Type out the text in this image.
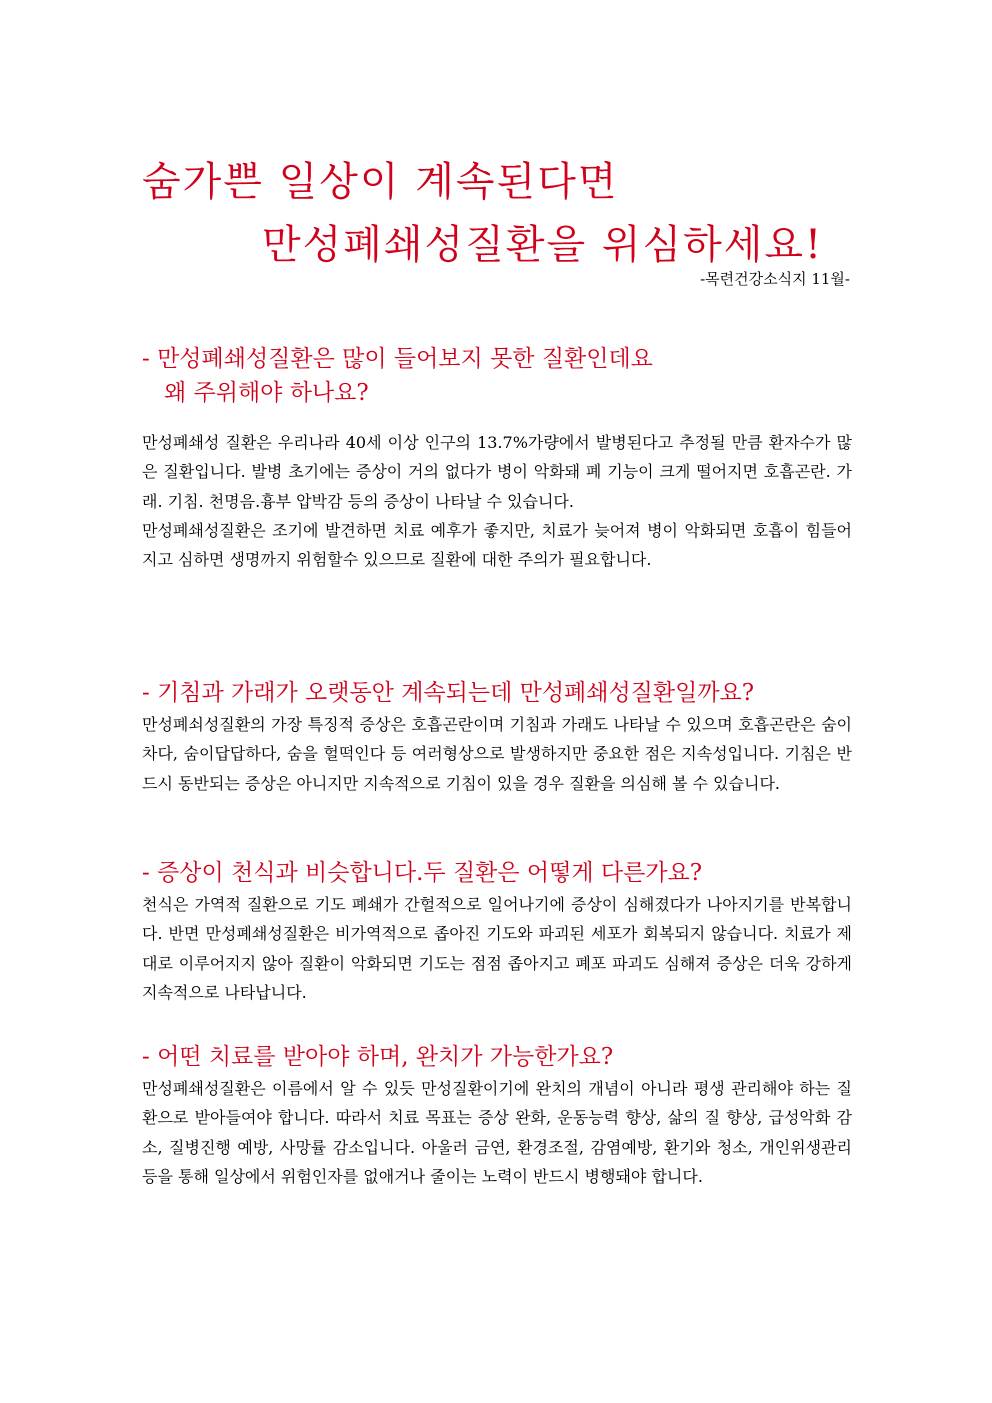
숨가쁜 일상이 계속된다면
만성폐쇄성질환을 위심하세요!
-목련건강소식지 11월-

- 만성폐쇄성질환은 많이 들어보지 못한 질환인데요

왜 주위해야 하나요?

만성폐쇄성 질환은 우리나라 40세 이상 인구의 13.7%가량에서 발병된다고 추정될 만큼 환자수가 많은 질환입니다. 발병 초기에는 증상이 거의 없다가 병이 악화돼 폐 기능이 크게 떨어지면 호흡곤란. 가래. 기침. 천명음.흉부 압박감 등의 증상이 나타날 수 있습니다.

만성폐쇄성질환은 조기에 발견하면 치료 예후가 좋지만, 치료가 늦어져 병이 악화되면 호흡이 힘들어지고 심하면 생명까지 위험할수 있으므로 질환에 대한 주의가 필요합니다.

- 기침과 가래가 오랫동안 계속되는데 만성폐쇄성질환일까요?

만성폐쇠성질환의 가장 특징적 증상은 호흡곤란이며 기침과 가래도 나타날 수 있으며 호흡곤란은 숨이차다, 숨이답답하다, 숨을 헐떡인다 등 여러형상으로 발생하지만 중요한 점은 지속성입니다. 기침은 반드시 동반되는 증상은 아니지만 지속적으로 기침이 있을 경우 질환을 의심해 볼 수 있습니다.

- 증상이 천식과 비슷합니다.두 질환은 어떻게 다른가요?

천식은 가역적 질환으로 기도 폐쇄가 간헐적으로 일어나기에 증상이 심해졌다가 나아지기를 반복합니다. 반면 만성폐쇄성질환은 비가역적으로 좁아진 기도와 파괴된 세포가 회복되지 않습니다. 치료가 제대로 이루어지지 않아 질환이 악화되면 기도는 점점 좁아지고 폐포 파괴도 심해져 증상은 더욱 강하게 지속적으로 나타납니다.

- 어떤 치료를 받아야 하며, 완치가 가능한가요?

만성폐쇄성질환은 이름에서 알 수 있듯 만성질환이기에 완치의 개념이 아니라 평생 관리해야 하는 질환으로 받아들여야 합니다. 따라서 치료 목표는 증상 완화, 운동능력 향상, 삶의 질 향상, 급성악화 감소, 질병진행 예방, 사망률 감소입니다. 아울러 금연, 환경조절, 감염예방, 환기와 청소, 개인위생관리 등을 통해 일상에서 위험인자를 없애거나 줄이는 노력이 반드시 병행돼야 합니다.
